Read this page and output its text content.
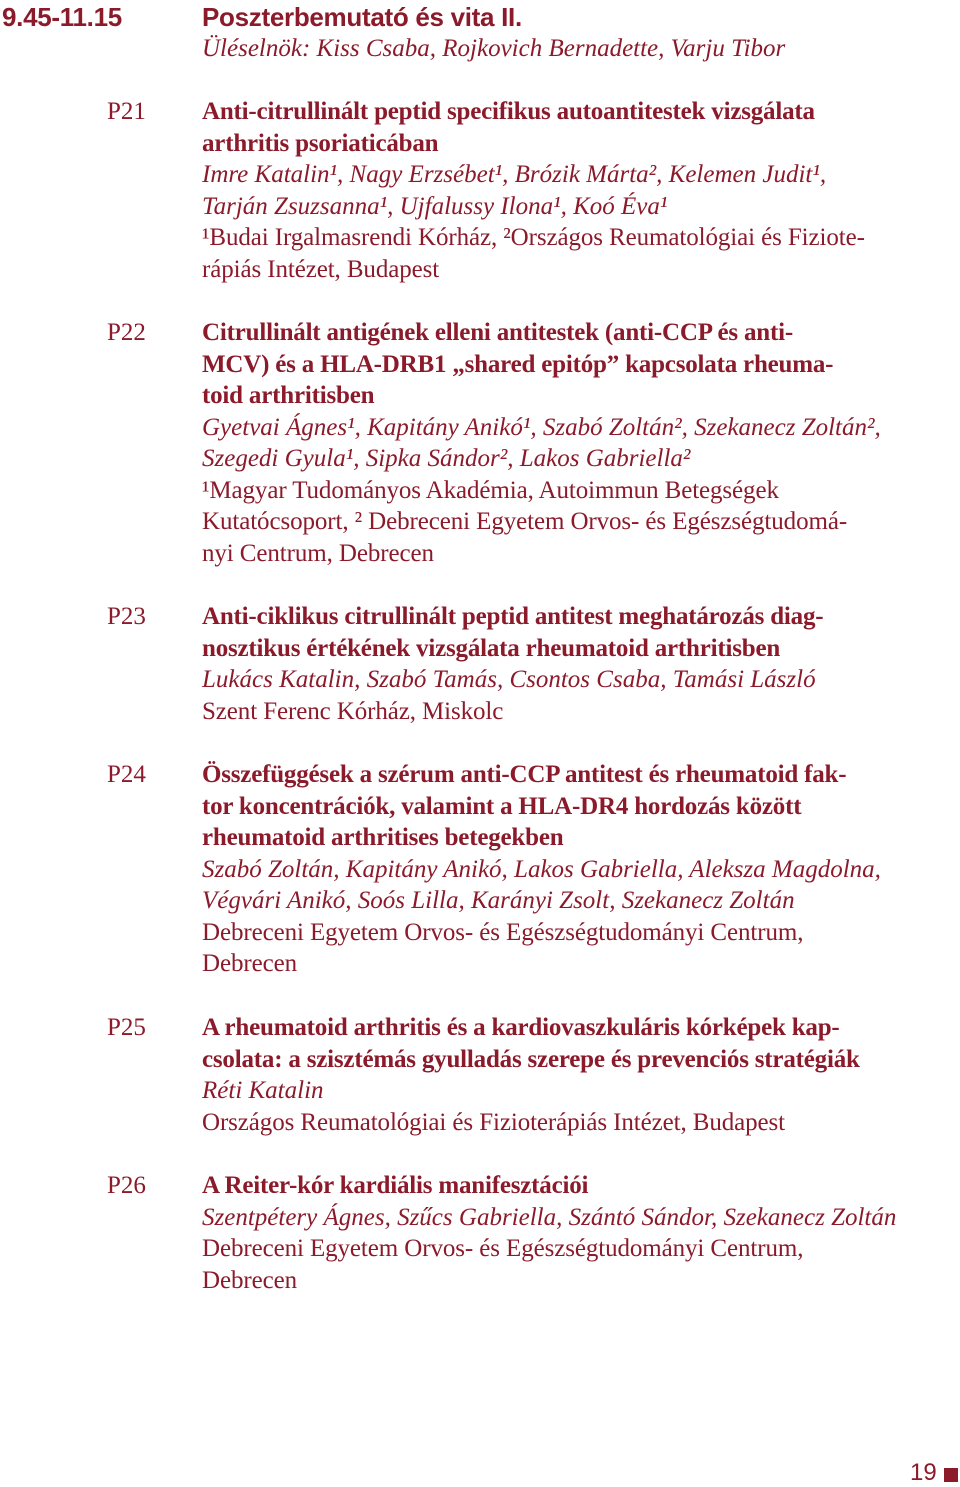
9.45-11.15	Poszterbemutató és vita II.
Üléselnök: Kiss Csaba, Rojkovich Bernadette, Varju Tibor
P21 Anti-citrullinált peptid specifikus autoantitestek vizsgálata
arthritis psoriaticában
Imre Katalin¹, Nagy Erzsébet¹, Brózik Márta², Kelemen Judit¹,
Tarján Zsuzsanna¹, Ujfalussy Ilona¹, Koó Éva¹
¹Budai Irgalmasrendi Kórház, ²Országos Reumatológiai és Fiziote-
rápiás Intézet, Budapest
P22 Citrullinált antigének elleni antitestek (anti-CCP és anti-
MCV) és a HLA-DRB1 „shared epitóp” kapcsolata rheuma-
toid arthritisben
Gyetvai Ágnes¹, Kapitány Anikó¹, Szabó Zoltán², Szekanecz Zoltán²,
Szegedi Gyula¹, Sipka Sándor², Lakos Gabriella²
¹Magyar Tudományos Akadémia, Autoimmun Betegségek
Kutatócsoport, ² Debreceni Egyetem Orvos- és Egészségtudomá-
nyi Centrum, Debrecen
P23 Anti-ciklikus citrullinált peptid antitest meghatározás diag-
nosztikus értékének vizsgálata rheumatoid arthritisben
Lukács Katalin, Szabó Tamás, Csontos Csaba, Tamási László
Szent Ferenc Kórház, Miskolc
P24 Összefüggések a szérum anti-CCP antitest és rheumatoid fak-
tor koncentrációk, valamint a HLA-DR4 hordozás között
rheumatoid arthritises betegekben
Szabó Zoltán, Kapitány Anikó, Lakos Gabriella, Aleksza Magdolna,
Végvári Anikó, Soós Lilla, Karányi Zsolt, Szekanecz Zoltán
Debreceni Egyetem Orvos- és Egészségtudományi Centrum,
Debrecen
P25 A rheumatoid arthritis és a kardiovaszkuláris kórképek kap-
csolata: a szisztémás gyulladás szerepe és prevenciós stratégiák
Réti Katalin
Országos Reumatológiai és Fizioterápiás Intézet, Budapest
P26 A Reiter-kór kardiális manifesztációi
Szentpétery Ágnes, Szűcs Gabriella, Szántó Sándor, Szekanecz Zoltán
Debreceni Egyetem Orvos- és Egészségtudományi Centrum,
Debrecen
19
